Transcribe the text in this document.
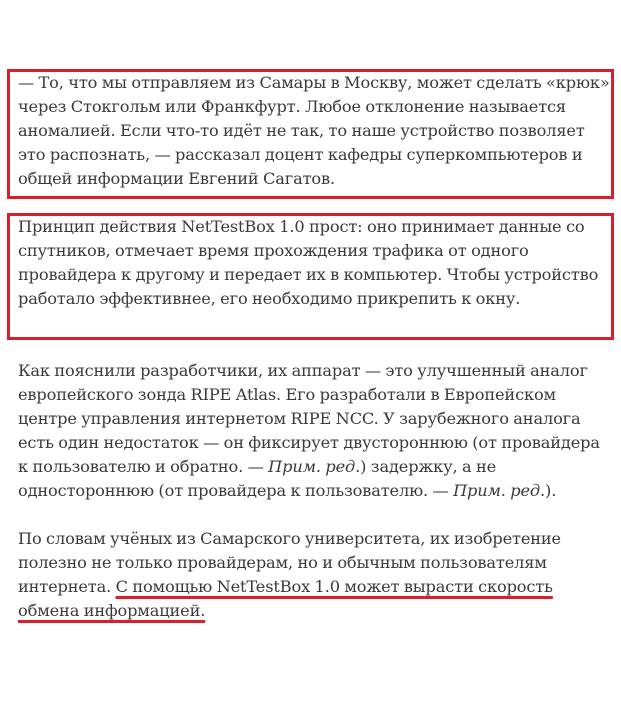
— То, что мы отправляем из Самары в Москву, может сделать «крюк» через Стокгольм или Франкфурт. Любое отклонение называется аномалией. Если что-то идёт не так, то наше устройство позволяет это распознать, — рассказал доцент кафедры суперкомпьютеров и общей информации Евгений Сагатов.

Принцип действия NetTestBox 1.0 прост: оно принимает данные со спутников, отмечает время прохождения трафика от одного провайдера к другому и передает их в компьютер. Чтобы устройство работало эффективнее, его необходимо прикрепить к окну.

Как пояснили разработчики, их аппарат — это улучшенный аналог европейского зонда RIPE Atlas. Его разработали в Европейском центре управления интернетом RIPE NCC. У зарубежного аналога есть один недостаток — он фиксирует двустороннюю (от провайдера к пользователю и обратно. — Прим. ред.) задержку, а не одностороннюю (от провайдера к пользователю. — Прим. ред.).

По словам учёных из Самарского университета, их изобретение полезно не только провайдерам, но и обычным пользователям интернета. С помощью NetTestBox 1.0 может вырасти скорость обмена информацией.
